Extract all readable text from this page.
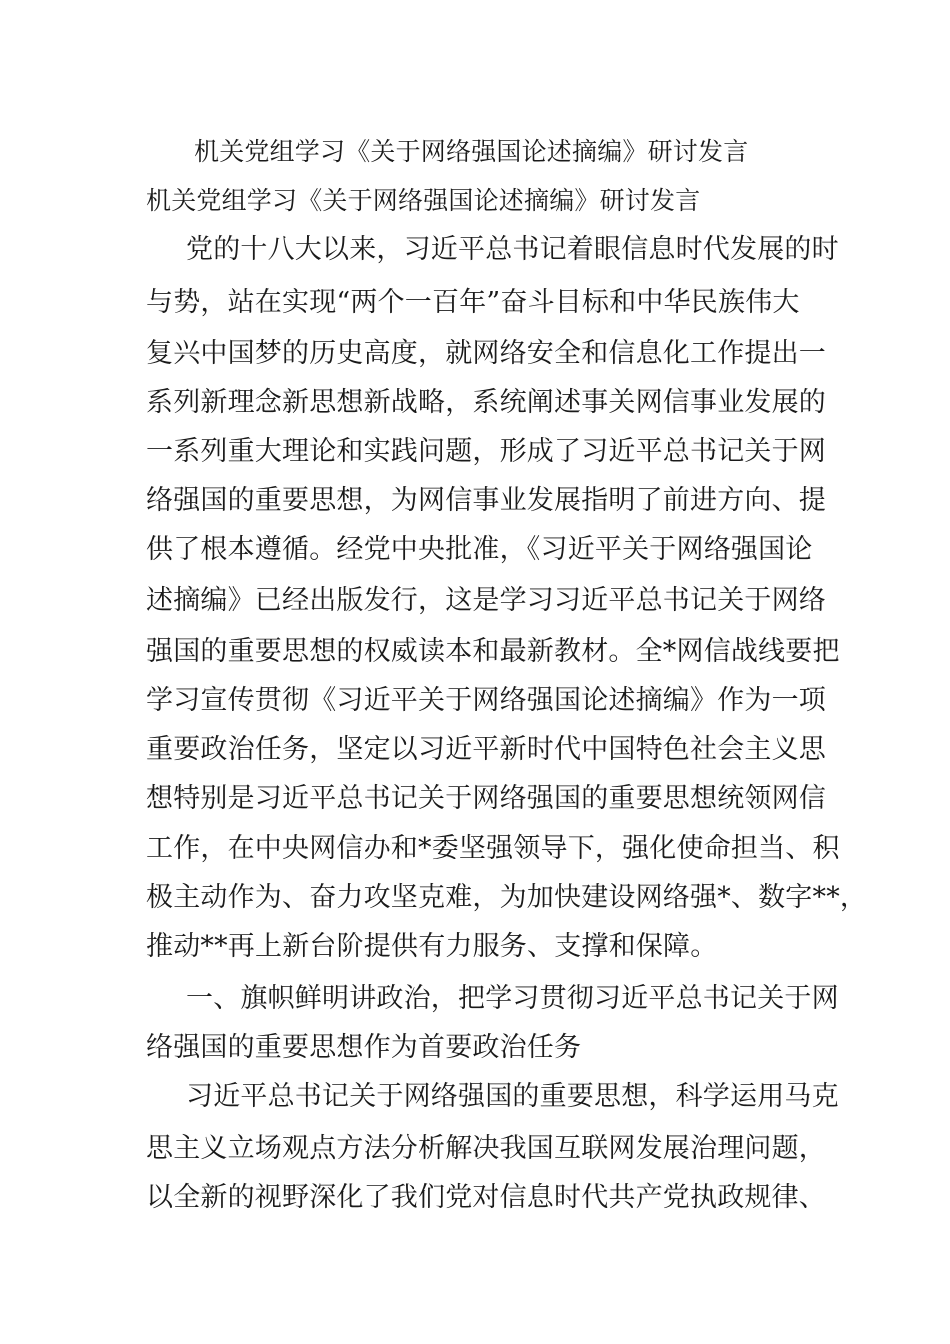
机关党组学习《关于网络强国论述摘编》研讨发言
机关党组学习《关于网络强国论述摘编》研讨发言
党的十八大以来，习近平总书记着眼信息时代发展的时
与势，站在实现“两个一百年”奋斗目标和中华民族伟大
复兴中国梦的历史高度，就网络安全和信息化工作提出一
系列新理念新思想新战略，系统阐述事关网信事业发展的
一系列重大理论和实践问题，形成了习近平总书记关于网
络强国的重要思想，为网信事业发展指明了前进方向、提
供了根本遵循。经党中央批准，《习近平关于网络强国论
述摘编》已经出版发行，这是学习习近平总书记关于网络
强国的重要思想的权威读本和最新教材。全*网信战线要把
学习宣传贯彻《习近平关于网络强国论述摘编》作为一项
重要政治任务，坚定以习近平新时代中国特色社会主义思
想特别是习近平总书记关于网络强国的重要思想统领网信
工作，在中央网信办和*委坚强领导下，强化使命担当、积
极主动作为、奋力攻坚克难，为加快建设网络强*、数字**，
推动**再上新台阶提供有力服务、支撑和保障。
一、旗帜鲜明讲政治，把学习贯彻习近平总书记关于网
络强国的重要思想作为首要政治任务
习近平总书记关于网络强国的重要思想，科学运用马克
思主义立场观点方法分析解决我国互联网发展治理问题，
以全新的视野深化了我们党对信息时代共产党执政规律、
